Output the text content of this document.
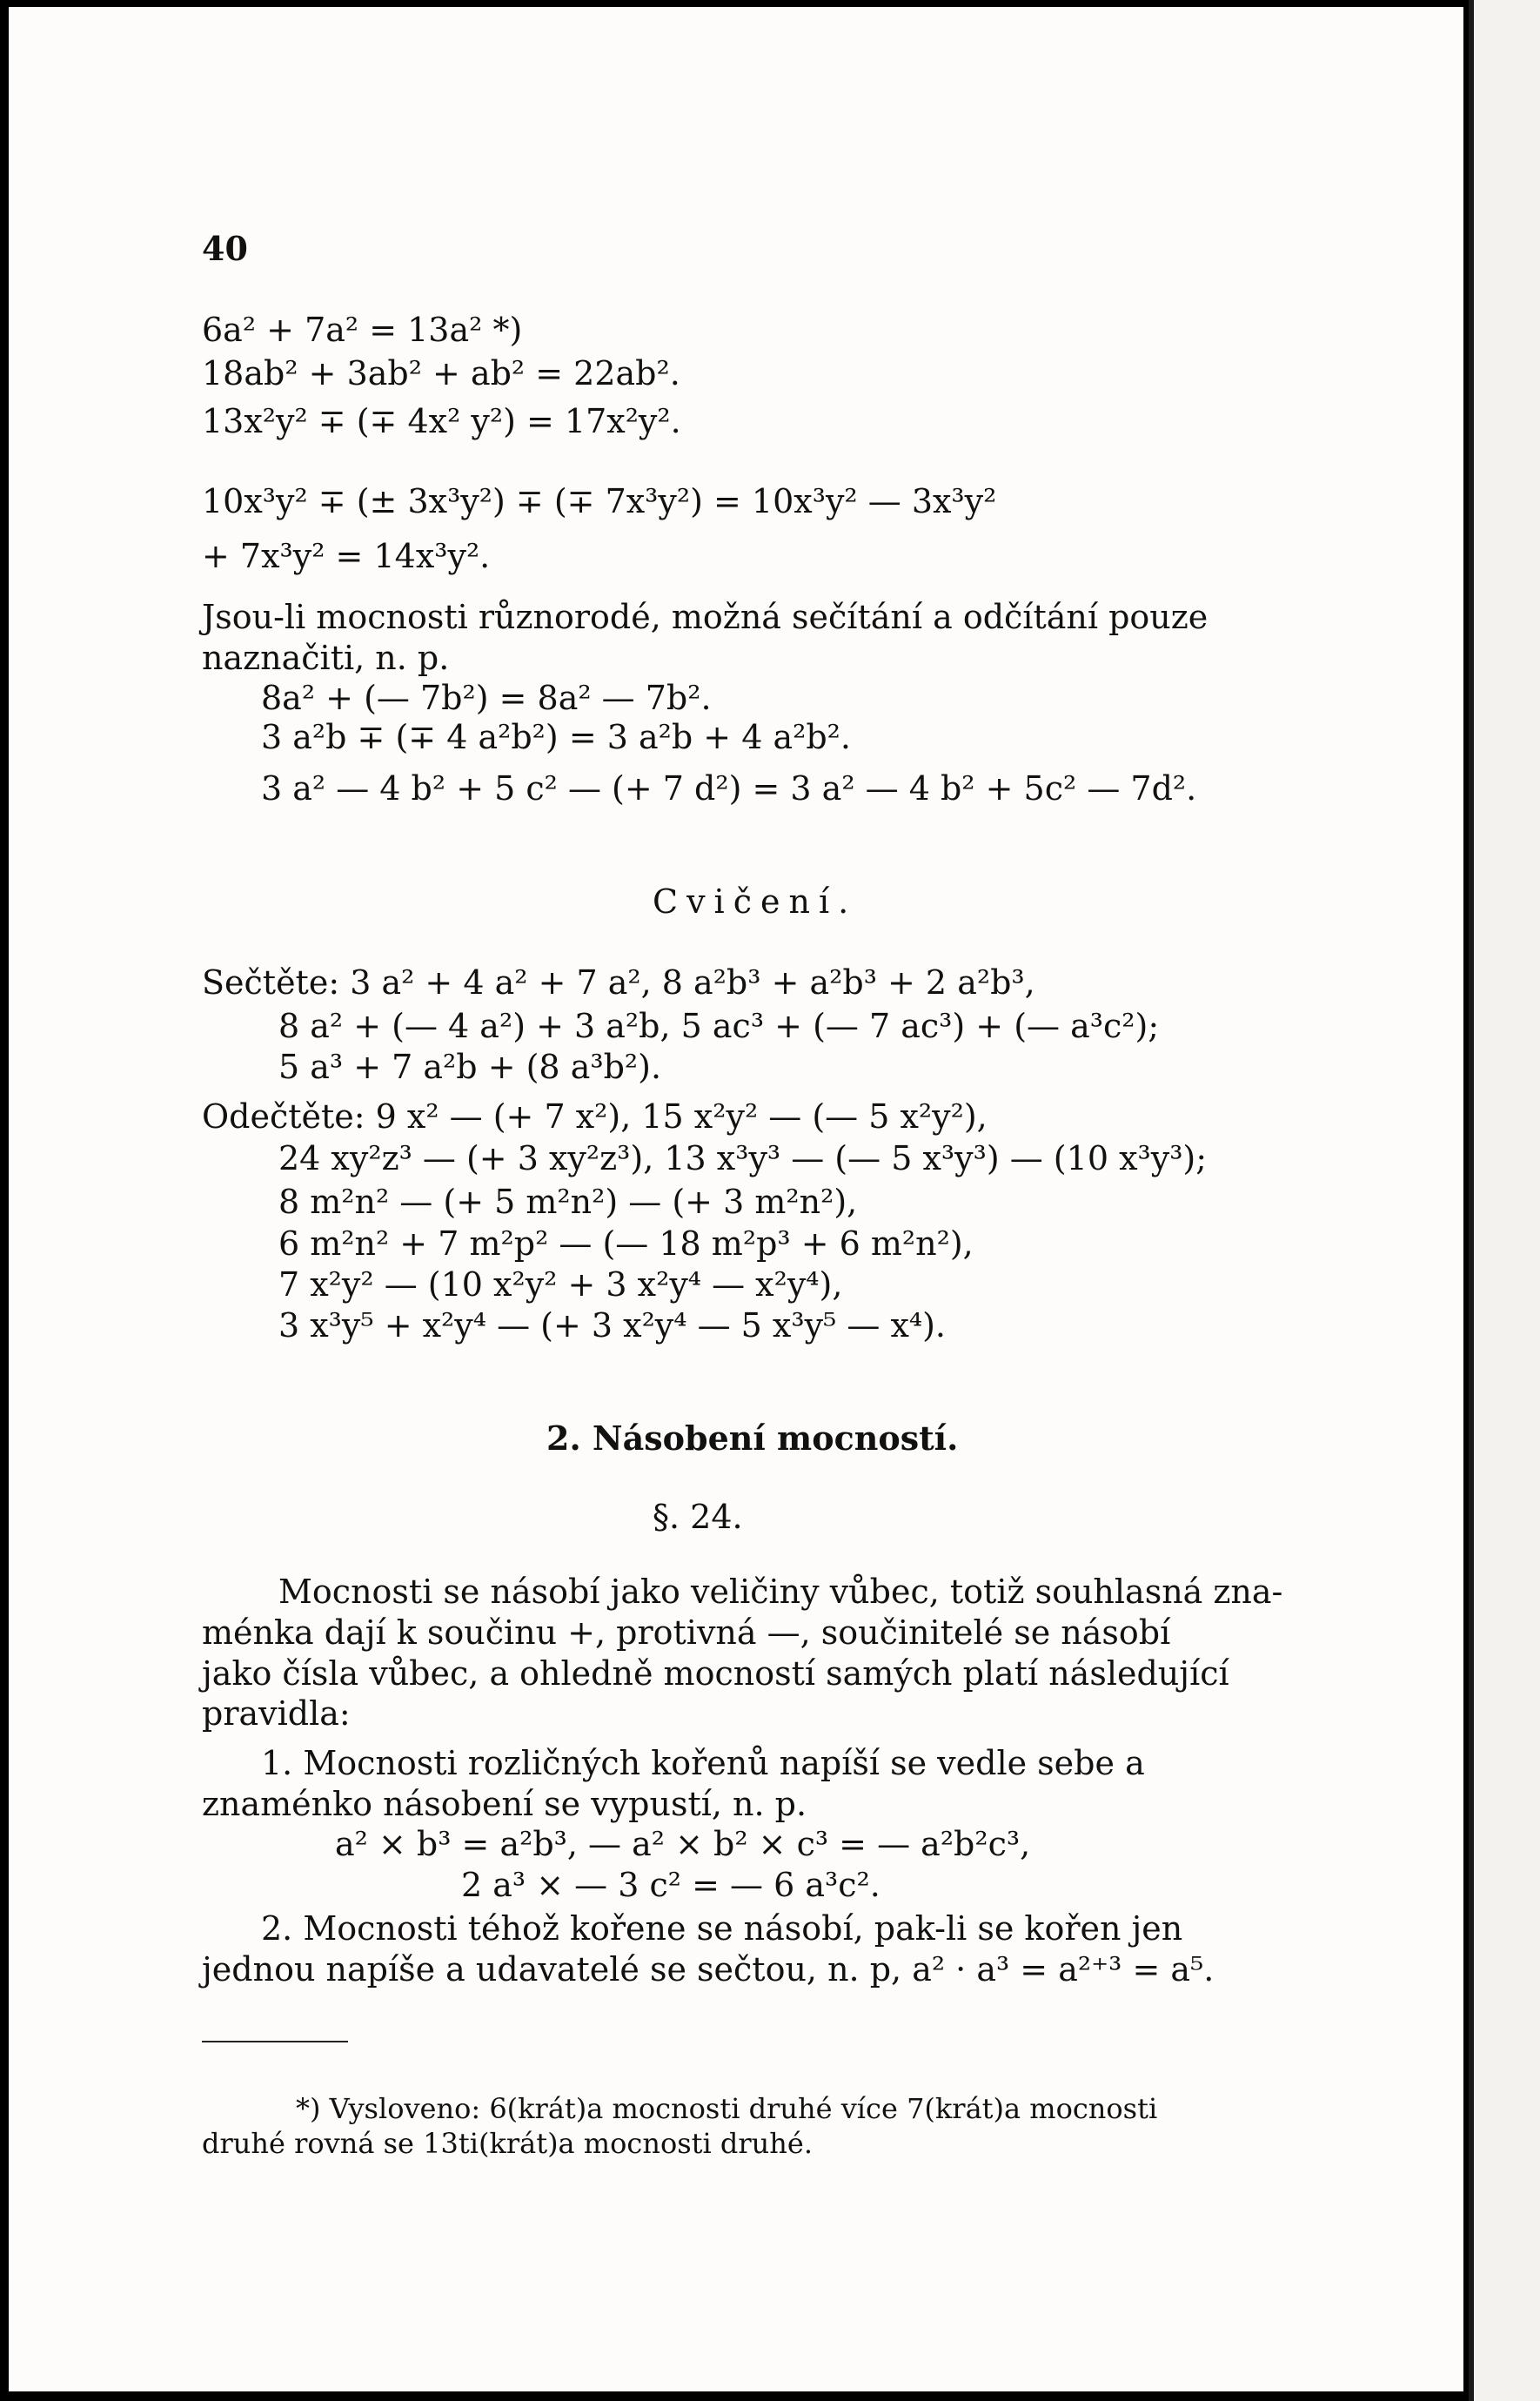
40
6a² + 7a² = 13a² *)
18ab² + 3ab² + ab² = 22ab².
13x²y² ∓ (∓ 4x² y²) = 17x²y².
10x³y² ∓ (± 3x³y²) ∓ (∓ 7x³y²) = 10x³y² — 3x³y²
+ 7x³y² = 14x³y².
Jsou-li mocnosti různorodé, možná sečítání a odčítání pouze
naznačiti, n. p.
8a² + (— 7b²) = 8a² — 7b².
3 a²b ∓ (∓ 4 a²b²) = 3 a²b + 4 a²b².
3 a² — 4 b² + 5 c² — (+ 7 d²) = 3 a² — 4 b² + 5c² — 7d².
Cvičení.
Sečtěte: 3 a² + 4 a² + 7 a², 8 a²b³ + a²b³ + 2 a²b³,
8 a² + (— 4 a²) + 3 a²b, 5 ac³ + (— 7 ac³) + (— a³c²);
5 a³ + 7 a²b + (8 a³b²).
Odečtěte: 9 x² — (+ 7 x²), 15 x²y² — (— 5 x²y²),
24 xy²z³ — (+ 3 xy²z³), 13 x³y³ — (— 5 x³y³) — (10 x³y³);
8 m²n² — (+ 5 m²n²) — (+ 3 m²n²),
6 m²n² + 7 m²p² — (— 18 m²p³ + 6 m²n²),
7 x²y² — (10 x²y² + 3 x²y⁴ — x²y⁴),
3 x³y⁵ + x²y⁴ — (+ 3 x²y⁴ — 5 x³y⁵ — x⁴).
2. Násobení mocností.
§. 24.
Mocnosti se násobí jako veličiny vůbec, totiž souhlasná zna-
ménka dají k součinu +, protivná —, součinitelé se násobí
jako čísla vůbec, a ohledně mocností samých platí následující
pravidla:
1. Mocnosti rozličných kořenů napíší se vedle sebe a
znaménko násobení se vypustí, n. p.
a² × b³ = a²b³, — a² × b² × c³ = — a²b²c³,
2 a³ × — 3 c² = — 6 a³c².
2. Mocnosti téhož kořene se násobí, pak-li se kořen jen
jednou napíše a udavatelé se sečtou, n. p, a² · a³ = a²⁺³ = a⁵.
*) Vysloveno: 6(krát)a mocnosti druhé více 7(krát)a mocnosti
druhé rovná se 13ti(krát)a mocnosti druhé.
